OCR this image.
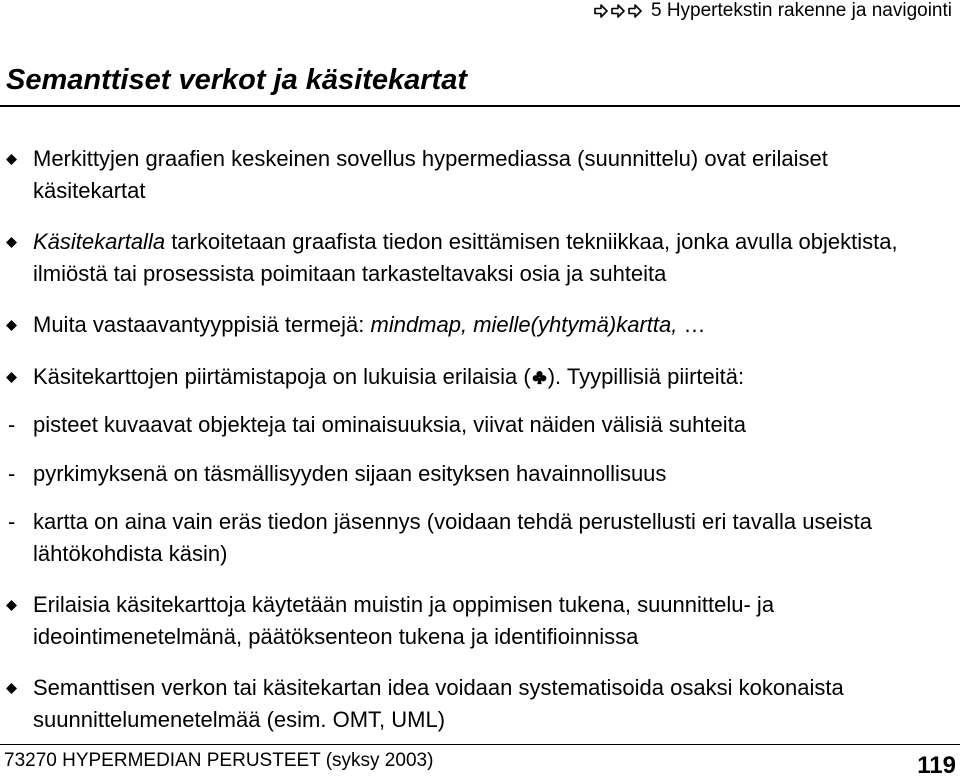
5 Hypertekstin rakenne ja navigointi
Semanttiset verkot ja käsitekartat
Merkittyjen graafien keskeinen sovellus hypermediassa (suunnittelu) ovat erilaiset käsitekartat
Käsitekartalla tarkoitetaan graafista tiedon esittämisen tekniikkaa, jonka avulla objektista, ilmiöstä tai prosessista poimitaan tarkasteltavaksi osia ja suhteita
Muita vastaavantyyppisiä termejä: mindmap, mielle(yhtymä)kartta, …
Käsitekarttojen piirtämistapoja on lukuisia erilaisia ( ). Tyypillisiä piirteitä:
- pisteet kuvaavat objekteja tai ominaisuuksia, viivat näiden välisiä suhteita
- pyrkimyksenä on täsmällisyyden sijaan esityksen havainnollisuus
- kartta on aina vain eräs tiedon jäsennys (voidaan tehdä perustellusti eri tavalla useista lähtökohdista käsin)
Erilaisia käsitekarttoja käytetään muistin ja oppimisen tukena, suunnittelu- ja ideointimenetelmänä, päätöksenteon tukena ja identifioinnissa
Semanttisen verkon tai käsitekartan idea voidaan systematisoida osaksi kokonaista suunnittelumenetelmää (esim. OMT, UML)
73270 HYPERMEDIAN PERUSTEET (syksy 2003)	119
